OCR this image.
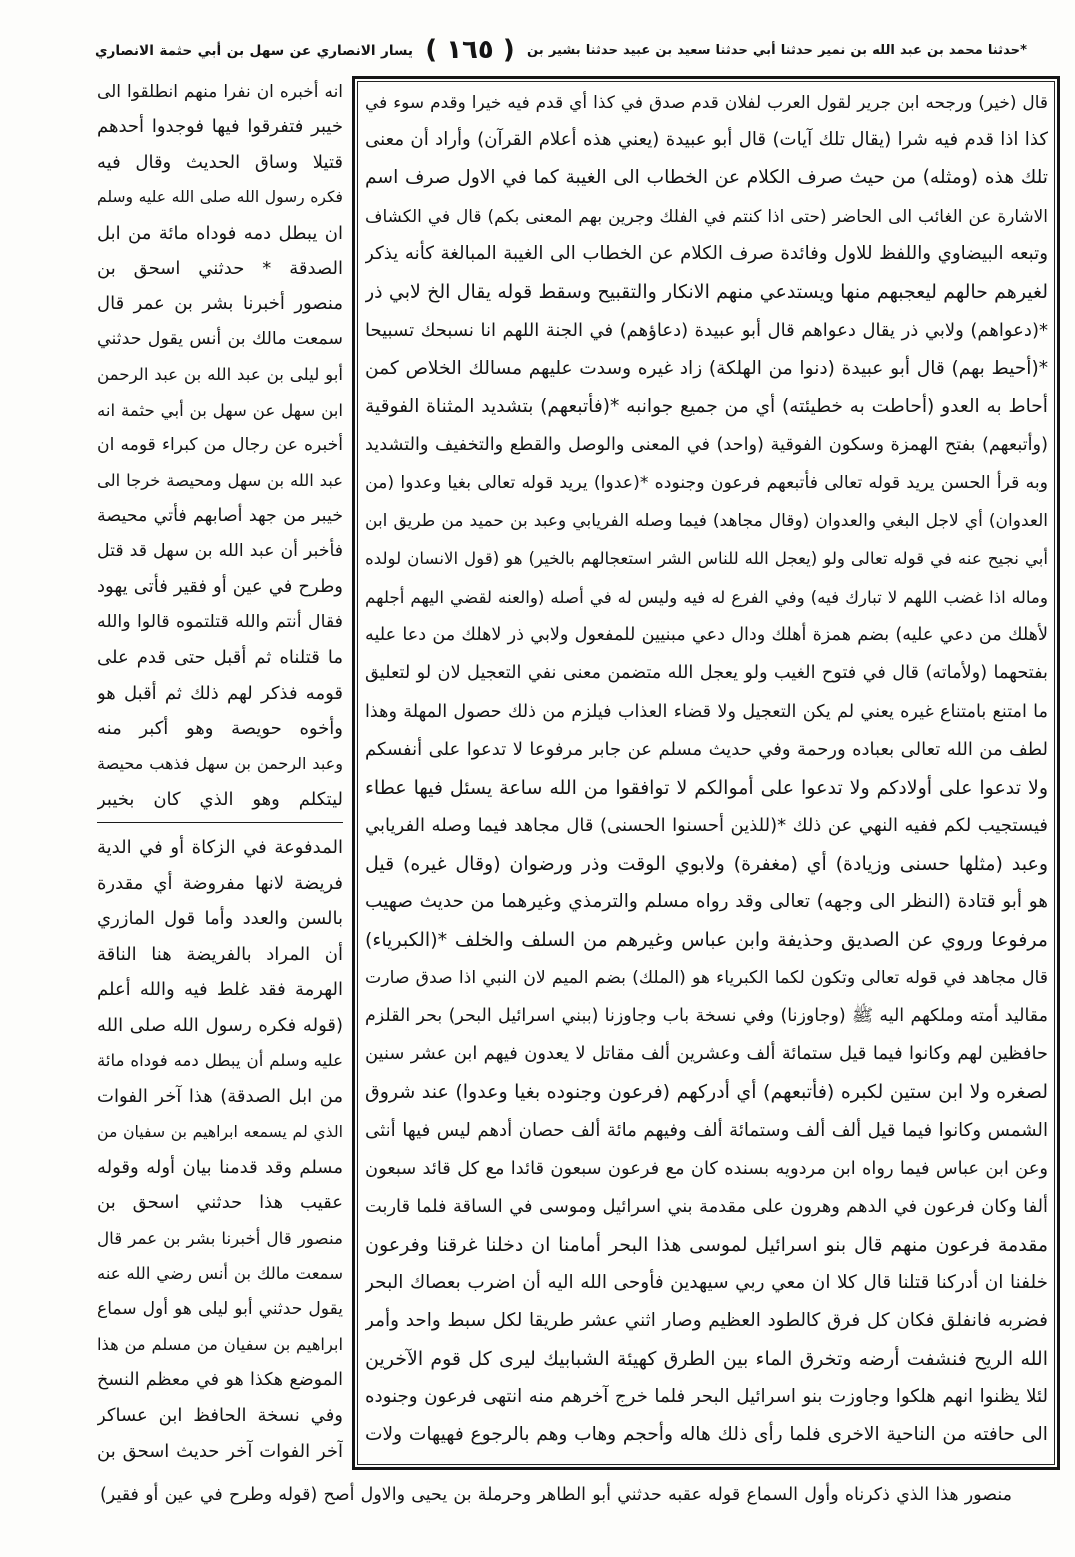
*حدثنا محمد بن عبد الله بن نمير حدثنا أبي حدثنا سعيد بن عبيد حدثنا بشير بن
( ١٦٥ )
يسار الانصاري عن سهل بن أبي حثمة الانصاري
قال (خير) ورجحه ابن جرير لقول العرب لفلان قدم صدق في كذا أي قدم فيه خيرا وقدم سوء في
كذا اذا قدم فيه شرا (يقال تلك آيات) قال أبو عبيدة (يعني هذه أعلام القرآن) وأراد أن معنى
تلك هذه (ومثله) من حيث صرف الكلام عن الخطاب الى الغيبة كما في الاول صرف اسم
الاشارة عن الغائب الى الحاضر (حتى اذا كنتم في الفلك وجرين بهم المعنى بكم) قال في الكشاف
وتبعه البيضاوي واللفظ للاول وفائدة صرف الكلام عن الخطاب الى الغيبة المبالغة كأنه يذكر
لغيرهم حالهم ليعجبهم منها ويستدعي منهم الانكار والتقبيح وسقط قوله يقال الخ لابي ذر
*(دعواهم) ولابي ذر يقال دعواهم قال أبو عبيدة (دعاؤهم) في الجنة اللهم انا نسبحك تسبيحا
*(أحيط بهم) قال أبو عبيدة (دنوا من الهلكة) زاد غيره وسدت عليهم مسالك الخلاص كمن
أحاط به العدو (أحاطت به خطيئته) أي من جميع جوانبه *(فأتبعهم) بتشديد المثناة الفوقية
(وأتبعهم) بفتح الهمزة وسكون الفوقية (واحد) في المعنى والوصل والقطع والتخفيف والتشديد
وبه قرأ الحسن يريد قوله تعالى فأتبعهم فرعون وجنوده *(عدوا) يريد قوله تعالى بغيا وعدوا (من
العدوان) أي لاجل البغي والعدوان (وقال مجاهد) فيما وصله الفريابي وعبد بن حميد من طريق ابن
أبي نجيح عنه في قوله تعالى ولو (يعجل الله للناس الشر استعجالهم بالخير) هو (قول الانسان لولده
وماله اذا غضب اللهم لا تبارك فيه) وفي الفرع له فيه وليس له في أصله (والعنه لقضي اليهم أجلهم
لأهلك من دعي عليه) بضم همزة أهلك ودال دعي مبنيين للمفعول ولابي ذر لاهلك من دعا عليه
بفتحهما (ولأماته) قال في فتوح الغيب ولو يعجل الله متضمن معنى نفي التعجيل لان لو لتعليق
ما امتنع بامتناع غيره يعني لم يكن التعجيل ولا قضاء العذاب فيلزم من ذلك حصول المهلة وهذا
لطف من الله تعالى بعباده ورحمة وفي حديث مسلم عن جابر مرفوعا لا تدعوا على أنفسكم
ولا تدعوا على أولادكم ولا تدعوا على أموالكم لا توافقوا من الله ساعة يسئل فيها عطاء
فيستجيب لكم ففيه النهي عن ذلك *(للذين أحسنوا الحسنى) قال مجاهد فيما وصله الفريابي
وعبد (مثلها حسنى وزيادة) أي (مغفرة) ولابوي الوقت وذر ورضوان (وقال غيره) قيل
هو أبو قتادة (النظر الى وجهه) تعالى وقد رواه مسلم والترمذي وغيرهما من حديث صهيب
مرفوعا وروي عن الصديق وحذيفة وابن عباس وغيرهم من السلف والخلف *(الكبرياء)
قال مجاهد في قوله تعالى وتكون لكما الكبرياء هو (الملك) بضم الميم لان النبي اذا صدق صارت
مقاليد أمته وملكهم اليه ﷺ (وجاوزنا) وفي نسخة باب وجاوزنا (ببني اسرائيل البحر) بحر القلزم
حافظين لهم وكانوا فيما قيل ستمائة ألف وعشرين ألف مقاتل لا يعدون فيهم ابن عشر سنين
لصغره ولا ابن ستين لكبره (فأتبعهم) أي أدركهم (فرعون وجنوده بغيا وعدوا) عند شروق
الشمس وكانوا فيما قيل ألف ألف وستمائة ألف وفيهم مائة ألف حصان أدهم ليس فيها أنثى
وعن ابن عباس فيما رواه ابن مردويه بسنده كان مع فرعون سبعون قائدا مع كل قائد سبعون
ألفا وكان فرعون في الدهم وهرون على مقدمة بني اسرائيل وموسى في الساقة فلما قاربت
مقدمة فرعون منهم قال بنو اسرائيل لموسى هذا البحر أمامنا ان دخلنا غرقنا وفرعون
خلفنا ان أدركنا قتلنا قال كلا ان معي ربي سيهدين فأوحى الله اليه أن اضرب بعصاك البحر
فضربه فانفلق فكان كل فرق كالطود العظيم وصار اثني عشر طريقا لكل سبط واحد وأمر
الله الريح فنشفت أرضه وتخرق الماء بين الطرق كهيئة الشبابيك ليرى كل قوم الآخرين
لئلا يظنوا انهم هلكوا وجاوزت بنو اسرائيل البحر فلما خرج آخرهم منه انتهى فرعون وجنوده
الى حافته من الناحية الاخرى فلما رأى ذلك هاله وأحجم وهاب وهم بالرجوع فهيهات ولات
انه أخبره ان نفرا منهم انطلقوا الى
خيبر فتفرقوا فيها فوجدوا أحدهم
قتيلا وساق الحديث وقال فيه
فكره رسول الله صلى الله عليه وسلم
ان يبطل دمه فوداه مائة من ابل
الصدقة * حدثني اسحق بن
منصور أخبرنا بشر بن عمر قال
سمعت مالك بن أنس يقول حدثني
أبو ليلى بن عبد الله بن عبد الرحمن
ابن سهل عن سهل بن أبي حثمة انه
أخبره عن رجال من كبراء قومه ان
عبد الله بن سهل ومحيصة خرجا الى
خيبر من جهد أصابهم فأتي محيصة
فأخبر أن عبد الله بن سهل قد قتل
وطرح في عين أو فقير فأتى يهود
فقال أنتم والله قتلتموه قالوا والله
ما قتلناه ثم أقبل حتى قدم على
قومه فذكر لهم ذلك ثم أقبل هو
وأخوه حويصة وهو أكبر منه
وعبد الرحمن بن سهل فذهب محيصة
ليتكلم وهو الذي كان بخيبر
المدفوعة في الزكاة أو في الدية
فريضة لانها مفروضة أي مقدرة
بالسن والعدد وأما قول المازري
أن المراد بالفريضة هنا الناقة
الهرمة فقد غلط فيه والله أعلم
(قوله فكره رسول الله صلى الله
عليه وسلم أن يبطل دمه فوداه مائة
من ابل الصدقة) هذا آخر الفوات
الذي لم يسمعه ابراهيم بن سفيان من
مسلم وقد قدمنا بيان أوله وقوله
عقيب هذا حدثني اسحق بن
منصور قال أخبرنا بشر بن عمر قال
سمعت مالك بن أنس رضي الله عنه
يقول حدثني أبو ليلى هو أول سماع
ابراهيم بن سفيان من مسلم من هذا
الموضع هكذا هو في معظم النسخ
وفي نسخة الحافظ ابن عساكر
آخر الفوات آخر حديث اسحق بن
منصور هذا الذي ذكرناه وأول السماع قوله عقبه حدثني أبو الطاهر وحرملة بن يحيى والاول أصح (قوله وطرح في عين أو فقير)
